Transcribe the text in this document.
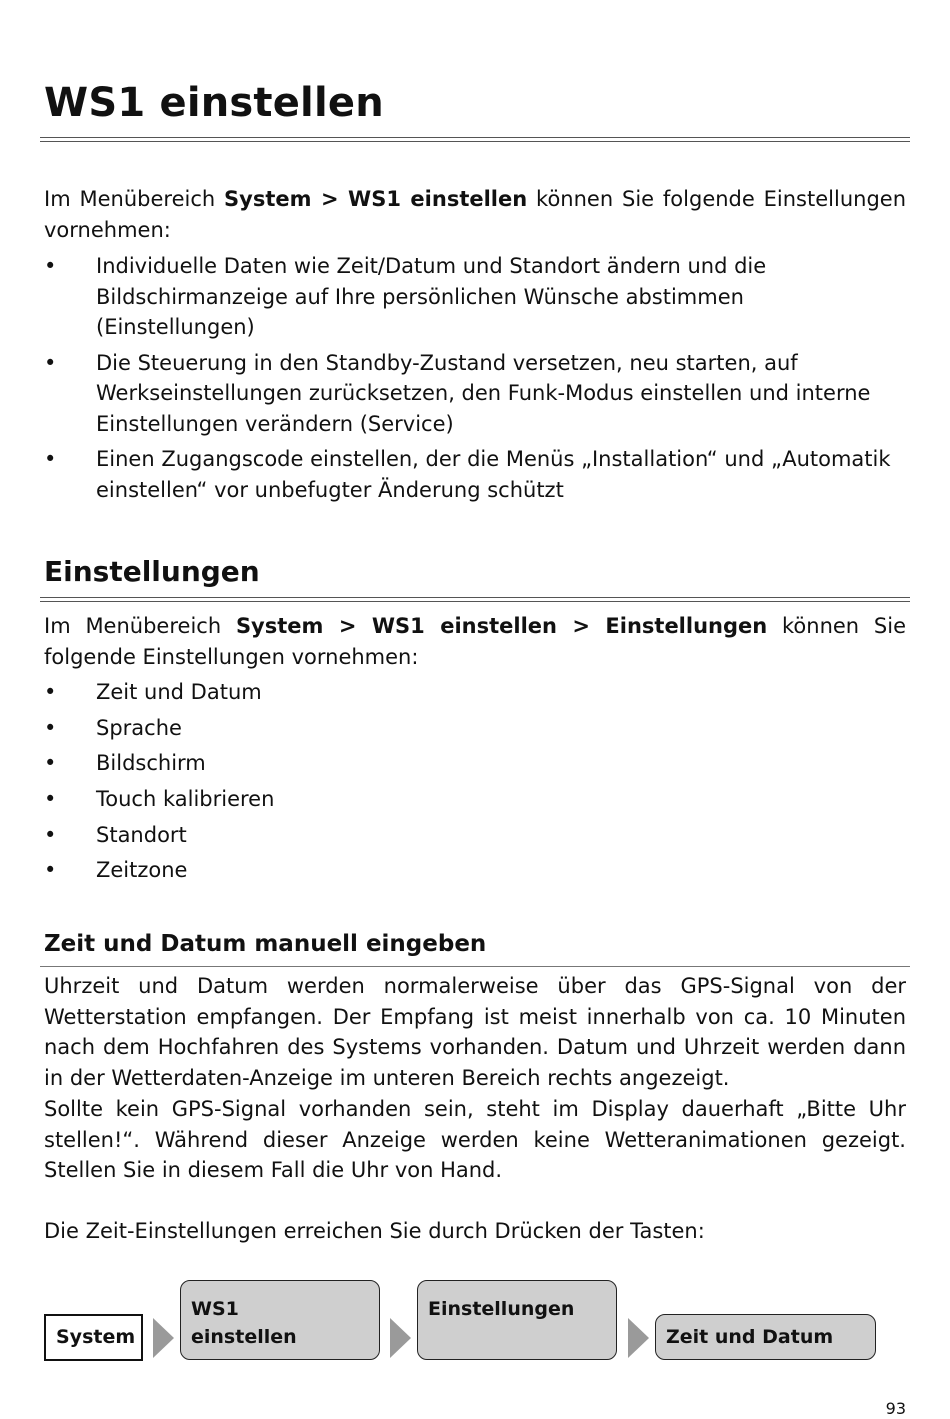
WS1 einstellen

Im Menübereich System > WS1 einstellen können Sie folgende Einstellungen vornehmen:

•	Individuelle Daten wie Zeit/Datum und Standort ändern und die Bildschirmanzeige auf Ihre persönlichen Wünsche abstimmen (Einstellungen)
•	Die Steuerung in den Standby-Zustand versetzen, neu starten, auf Werkseinstellungen zurücksetzen, den Funk-Modus einstellen und interne Einstellungen verändern (Service)
•	Einen Zugangscode einstellen, der die Menüs „Installation“ und „Automatik einstellen“ vor unbefugter Änderung schützt
Einstellungen

Im Menübereich System > WS1 einstellen > Einstellungen können Sie folgende Einstellungen vornehmen:

•	Zeit und Datum
•	Sprache
•	Bildschirm
•	Touch kalibrieren
•	Standort
•	Zeitzone
Zeit und Datum manuell eingeben

Uhrzeit und Datum werden normalerweise über das GPS-Signal von der Wetterstation empfangen. Der Empfang ist meist innerhalb von ca. 10 Minuten nach dem Hochfahren des Systems vorhanden. Datum und Uhrzeit werden dann in der Wetterdaten-Anzeige im unteren Bereich rechts angezeigt.

Sollte kein GPS-Signal vorhanden sein, steht im Display dauerhaft „Bitte Uhr stellen!“. Während dieser Anzeige werden keine Wetteranimationen gezeigt. Stellen Sie in diesem Fall die Uhr von Hand.

Die Zeit-Einstellungen erreichen Sie durch Drücken der Tasten:

System
WS1
einstellen
Einstellungen
Zeit und Datum
93
